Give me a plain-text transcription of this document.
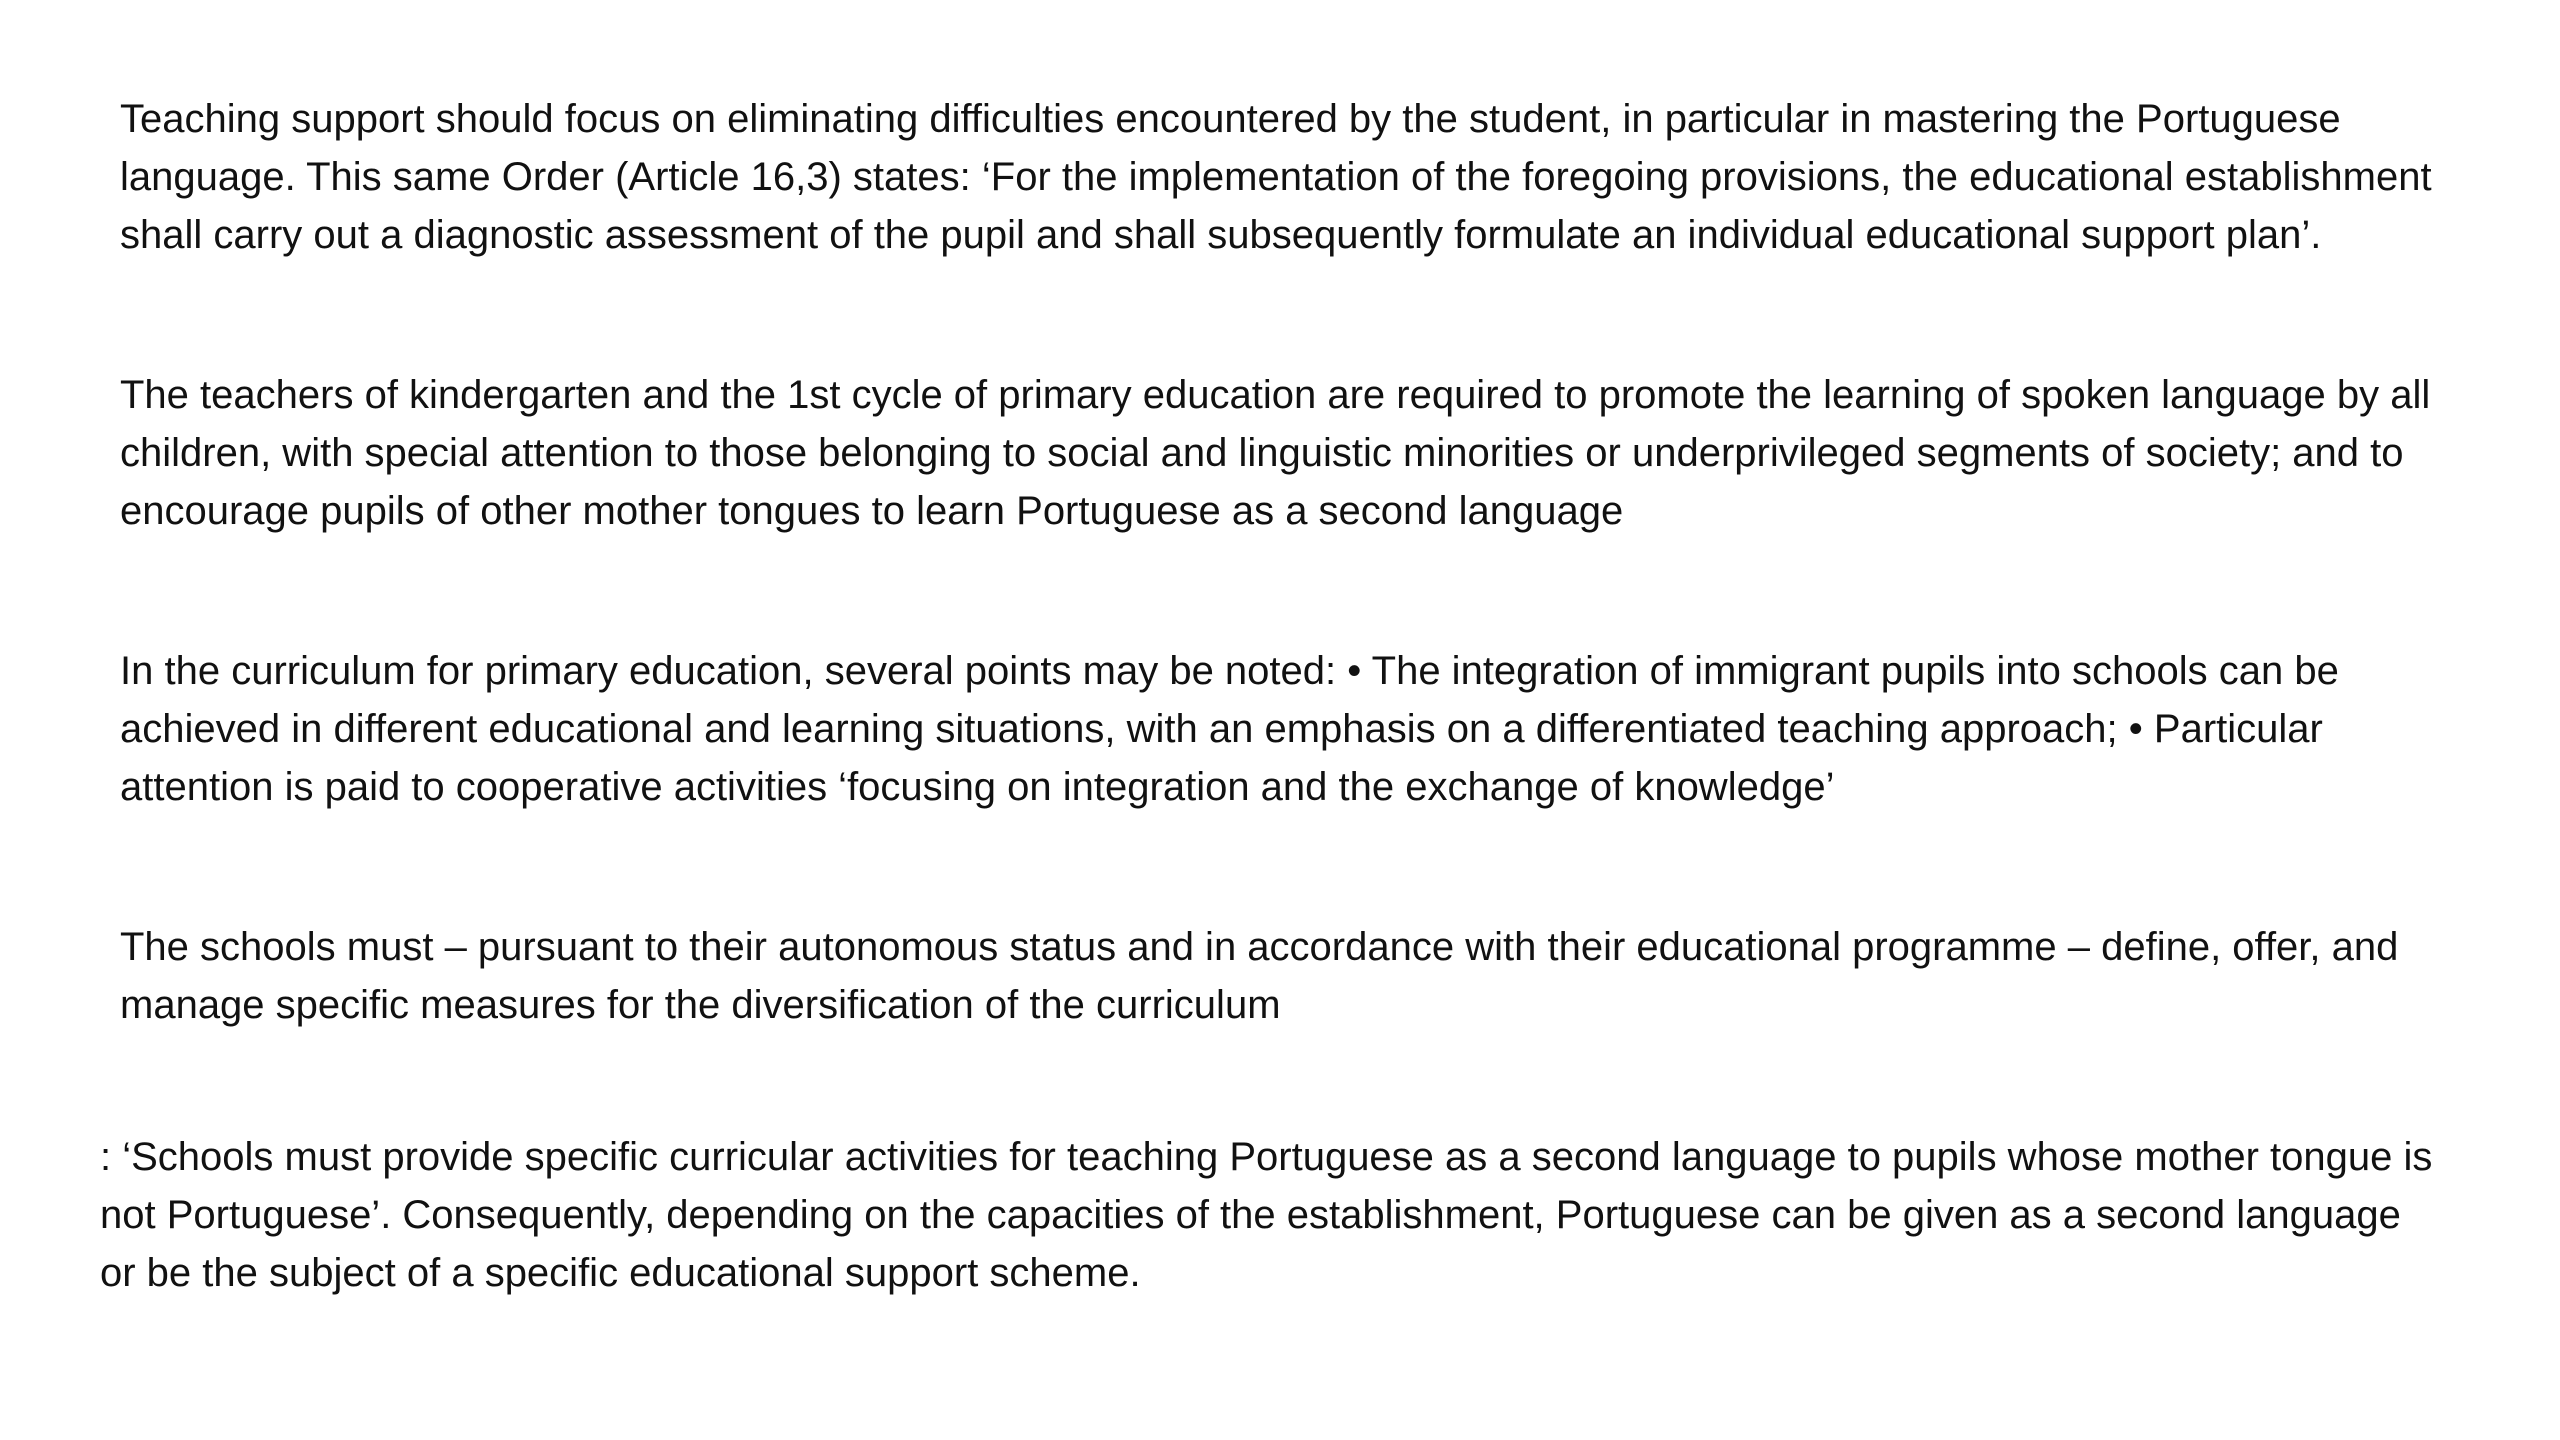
Teaching support should focus on eliminating difficulties encountered by the student, in particular in mastering the Portuguese language. This same Order (Article 16,3) states: ‘For the implementation of the foregoing provisions, the educational establishment shall carry out a diagnostic assessment of the pupil and shall subsequently formulate an individual educational support plan’.

The teachers of kindergarten and the 1st cycle of primary education are required to promote the learning of spoken language by all children, with special attention to those belonging to social and linguistic minorities or underprivileged segments of society; and to encourage pupils of other mother tongues to learn Portuguese as a second language

In the curriculum for primary education, several points may be noted: • The integration of immigrant pupils into schools can be achieved in different educational and learning situations, with an emphasis on a differentiated teaching approach; • Particular attention is paid to cooperative activities ‘focusing on integration and the exchange of knowledge’

The schools must – pursuant to their autonomous status and in accordance with their educational programme – define, offer, and manage specific measures for the diversification of the curriculum

: ‘Schools must provide specific curricular activities for teaching Portuguese as a second language to pupils whose mother tongue is not Portuguese’. Consequently, depending on the capacities of the establishment, Portuguese can be given as a second language or be the subject of a specific educational support scheme.
